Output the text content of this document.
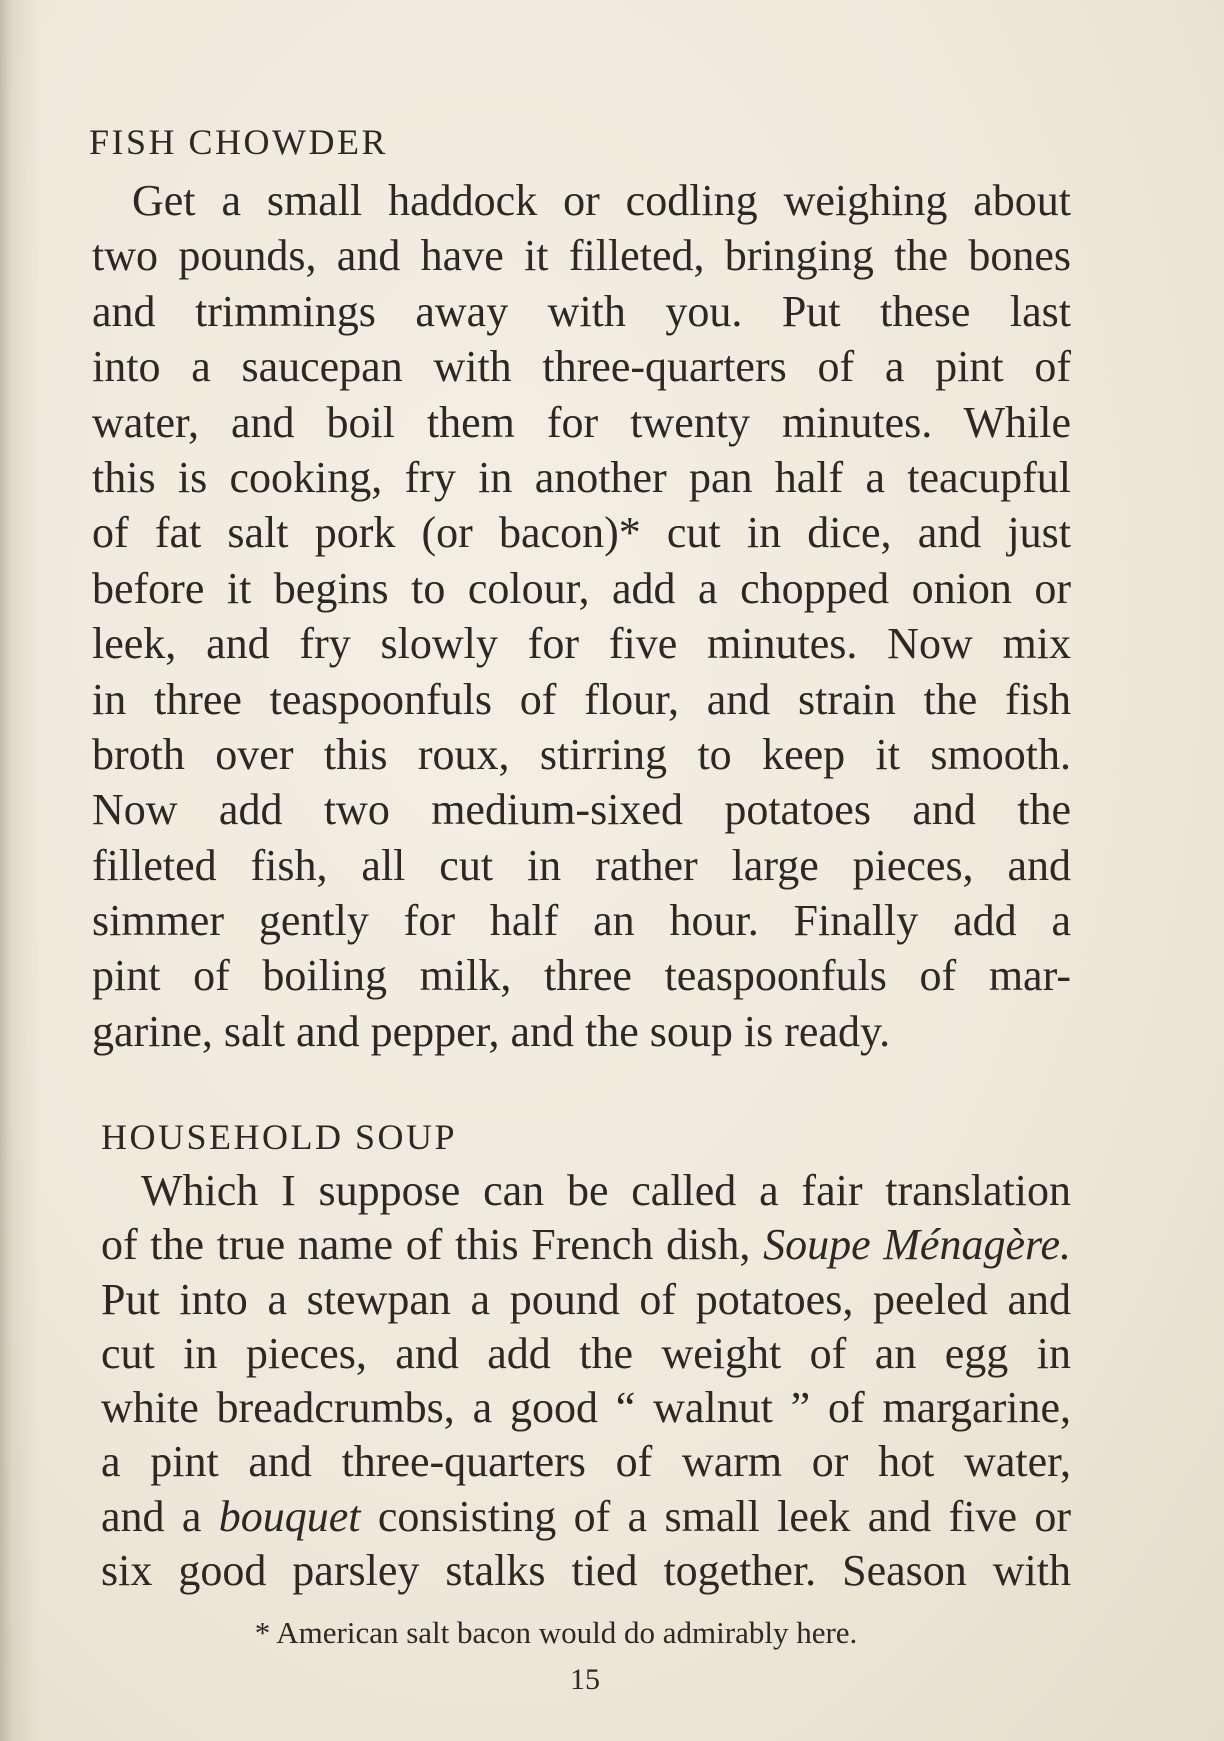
FISH CHOWDER
Get a small haddock or codling weighing about
two pounds, and have it filleted, bringing the bones
and trimmings away with you. Put these last
into a saucepan with three-quarters of a pint of
water, and boil them for twenty minutes. While
this is cooking, fry in another pan half a teacupful
of fat salt pork (or bacon)* cut in dice, and just
before it begins to colour, add a chopped onion or
leek, and fry slowly for five minutes. Now mix
in three teaspoonfuls of flour, and strain the fish
broth over this roux, stirring to keep it smooth.
Now add two medium-sixed potatoes and the
filleted fish, all cut in rather large pieces, and
simmer gently for half an hour. Finally add a
pint of boiling milk, three teaspoonfuls of mar-
garine, salt and pepper, and the soup is ready.
HOUSEHOLD SOUP
Which I suppose can be called a fair translation
of the true name of this French dish, Soupe Ménagère.
Put into a stewpan a pound of potatoes, peeled and
cut in pieces, and add the weight of an egg in
white breadcrumbs, a good “ walnut ” of margarine,
a pint and three-quarters of warm or hot water,
and a bouquet consisting of a small leek and five or
six good parsley stalks tied together. Season with
* American salt bacon would do admirably here.
15
